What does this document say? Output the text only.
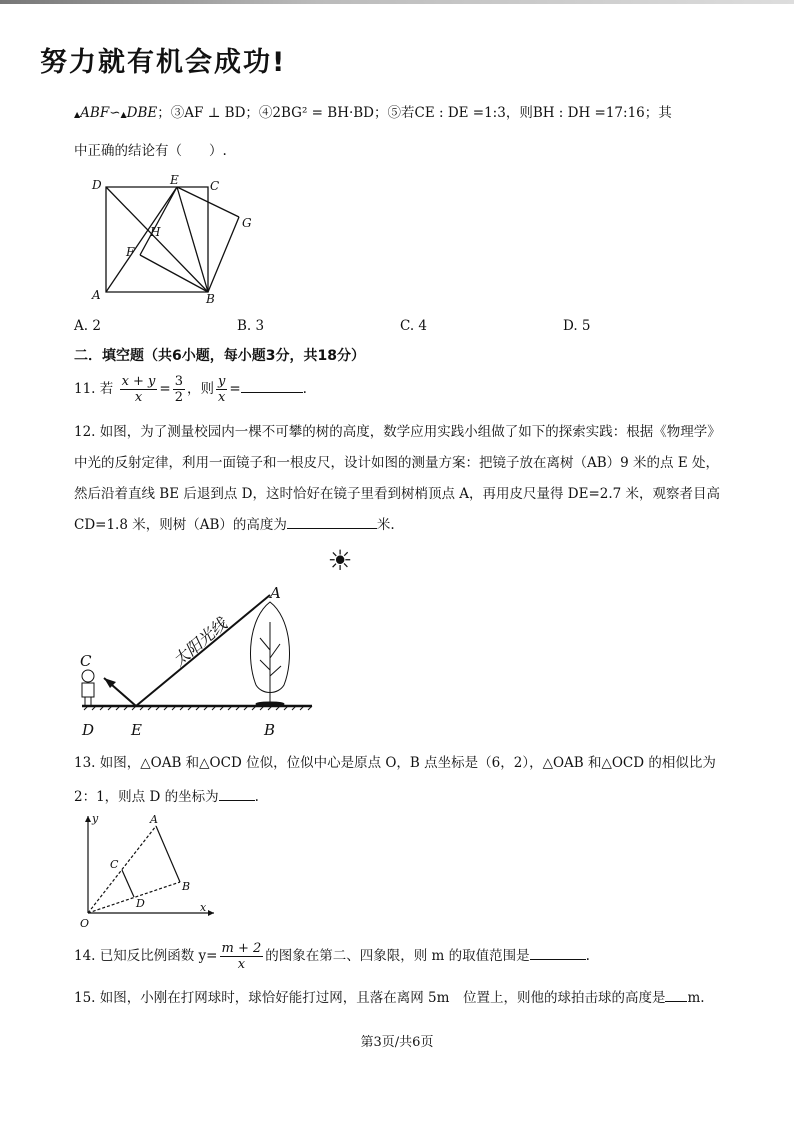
努力就有机会成功!
▲ABF∽▲DBE；③AF ⊥ BD；④2BG² = BH·BD；⑤若CE : DE =1:3，则BH : DH =17:16；其
中正确的结论有（　　）.
D	E	C
G
H
F
A	B
A. 2	B. 3	C. 4	D. 5
二．填空题（共6小题，每小题3分，共18分）
11. 若 $\frac{x + y}{x} = \frac{3}{2}$ ，则 $\frac{y}{x}$ =	.
12. 如图，为了测量校园内一棵不可攀的树的高度，数学应用实践小组做了如下的探索实践：根据《物理学》
中光的反射定律，利用一面镜子和一根皮尺，设计如图的测量方案：把镜子放在离树（AB）9 米的点 E 处，
然后沿着直线 BE 后退到点 D，这时恰好在镜子里看到树梢顶点 A，再用皮尺量得 DE=2.7 米，观察者目高
CD=1.8 米，则树（AB）的高度为	米.
☀
太阳光线
A
C
D E	B
13. 如图，△OAB 和△OCD 位似，位似中心是原点 O，B 点坐标是（6，2），△OAB 和△OCD 的相似比为
2：1，则点 D 的坐标为	.
y
x
O
A
B
C
D
14. 已知反比例函数 $y= \frac{m + 2}{x}$ 的图象在第二、四象限，则 m 的取值范围是	.
15. 如图，小刚在打网球时，球恰好能打过网，且落在离网 5m　位置上，则他的球拍击球的高度是 m.
第3页/共6页
